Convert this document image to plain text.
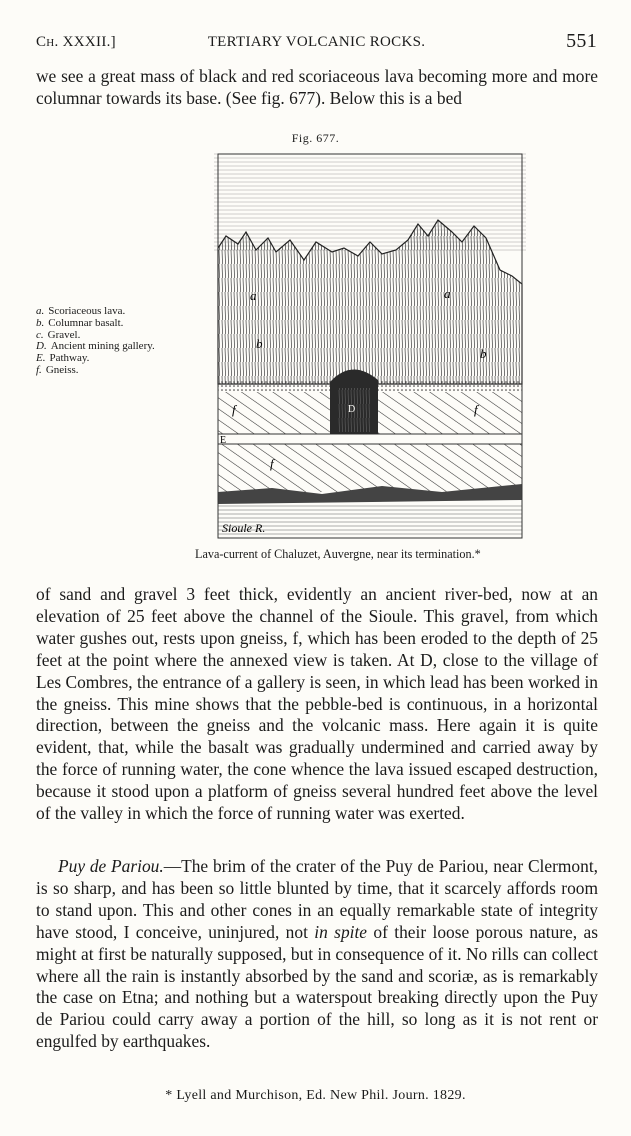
Ch. XXXII.]	TERTIARY VOLCANIC ROCKS.	551
we see a great mass of black and red scoriaceous lava becoming more and more columnar towards its base. (See fig. 677). Below this is a bed
Fig. 677.
a. Scoriaceous lava.
b. Columnar basalt.
c. Gravel.
D. Ancient mining gallery.
E. Pathway.
f. Gneiss.
a	a
b
b
D
E
f	f
f
Sioule R.
Lava-current of Chaluzet, Auvergne, near its termination.*
of sand and gravel 3 feet thick, evidently an ancient river-bed, now at an elevation of 25 feet above the channel of the Sioule. This gravel, from which water gushes out, rests upon gneiss, f, which has been eroded to the depth of 25 feet at the point where the annexed view is taken. At D, close to the village of Les Combres, the entrance of a gallery is seen, in which lead has been worked in the gneiss. This mine shows that the pebble-bed is continuous, in a horizontal direction, between the gneiss and the volcanic mass. Here again it is quite evident, that, while the basalt was gradually undermined and carried away by the force of running water, the cone whence the lava issued escaped destruction, because it stood upon a platform of gneiss several hundred feet above the level of the valley in which the force of running water was exerted.
Puy de Pariou.—The brim of the crater of the Puy de Pariou, near Clermont, is so sharp, and has been so little blunted by time, that it scarcely affords room to stand upon. This and other cones in an equally remarkable state of integrity have stood, I conceive, uninjured, not in spite of their loose porous nature, as might at first be naturally supposed, but in consequence of it. No rills can collect where all the rain is instantly absorbed by the sand and scoriæ, as is remarkably the case on Etna; and nothing but a waterspout breaking directly upon the Puy de Pariou could carry away a portion of the hill, so long as it is not rent or engulfed by earthquakes.
* Lyell and Murchison, Ed. New Phil. Journ. 1829.
